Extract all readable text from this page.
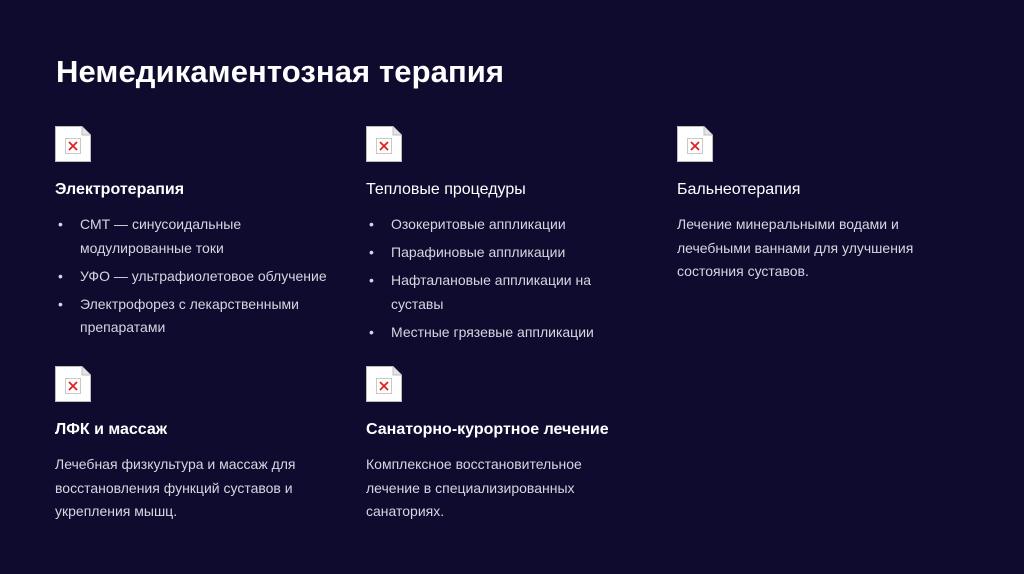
Немедикаментозная терапия
Электротерапия
• СМТ — синусоидальные модулированные токи
• УФО — ультрафиолетовое облучение
• Электрофорез с лекарственными препаратами
Тепловые процедуры
• Озокеритовые аппликации
• Парафиновые аппликации
• Нафталановые аппликации на суставы
• Местные грязевые аппликации
Бальнеотерапия

Лечение минеральными водами и лечебными ваннами для улучшения состояния суставов.

ЛФК и массаж

Лечебная физкультура и массаж для восстановления функций суставов и укрепления мышц.

Санаторно-курортное лечение

Комплексное восстановительное лечение в специализированных санаториях.
